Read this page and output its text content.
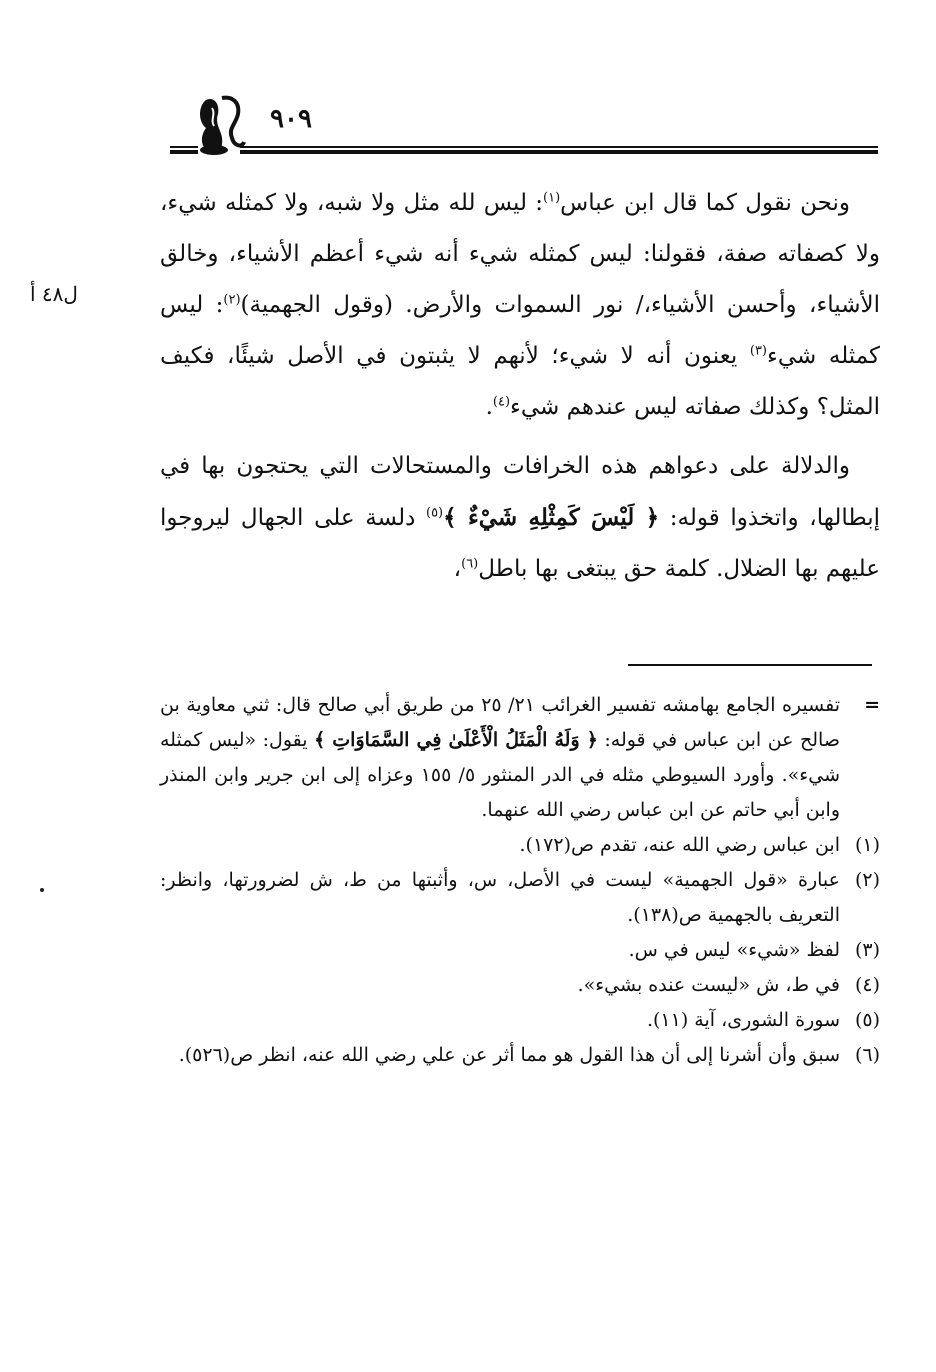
٩٠٩
ل٤٨ أ

ونحن نقول كما قال ابن عباس$^{(١)}$: ليس لله مثل ولا شبه، ولا كمثله شيء، ولا كصفاته صفة، فقولنا: ليس كمثله شيء أنه شيء أعظم الأشياء، وخالق الأشياء، وأحسن الأشياء،/ نور السموات والأرض. (وقول الجهمية)$^{(٢)}$: ليس كمثله شيء$^{(٣)}$ يعنون أنه لا شيء؛ لأنهم لا يثبتون في الأصل شيئًا، فكيف المثل؟ وكذلك صفاته ليس عندهم شيء$^{(٤)}$.

والدلالة على دعواهم هذه الخرافات والمستحالات التي يحتجون بها في إبطالها، واتخذوا قوله: ﴿ لَيْسَ كَمِثْلِهِ شَيْءٌ ﴾$^{(٥)}$ دلسة على الجهال ليروجوا عليهم بها الضلال. كلمة حق يبتغى بها باطل$^{(٦)}$،

=
تفسيره الجامع بهامشه تفسير الغرائب ٢١/ ٢٥ من طريق أبي صالح قال: ثني معاوية بن صالح عن ابن عباس في قوله: ﴿ وَلَهُ الْمَثَلُ الْأَعْلَىٰ فِي السَّمَاوَاتِ ﴾ يقول: «ليس كمثله شيء». وأورد السيوطي مثله في الدر المنثور ٥/ ١٥٥ وعزاه إلى ابن جرير وابن المنذر وابن أبي حاتم عن ابن عباس رضي الله عنهما.

(١)
ابن عباس رضي الله عنه، تقدم ص(١٧٢).
(٢)
عبارة «قول الجهمية» ليست في الأصل، س، وأثبتها من ط، ش لضرورتها، وانظر: التعريف بالجهمية ص(١٣٨).
(٣)
لفظ «شيء» ليس في س.
(٤)
في ط، ش «ليست عنده بشيء».
(٥)
سورة الشورى، آية (١١).
(٦)
سبق وأن أشرنا إلى أن هذا القول هو مما أثر عن علي رضي الله عنه، انظر ص(٥٢٦).
